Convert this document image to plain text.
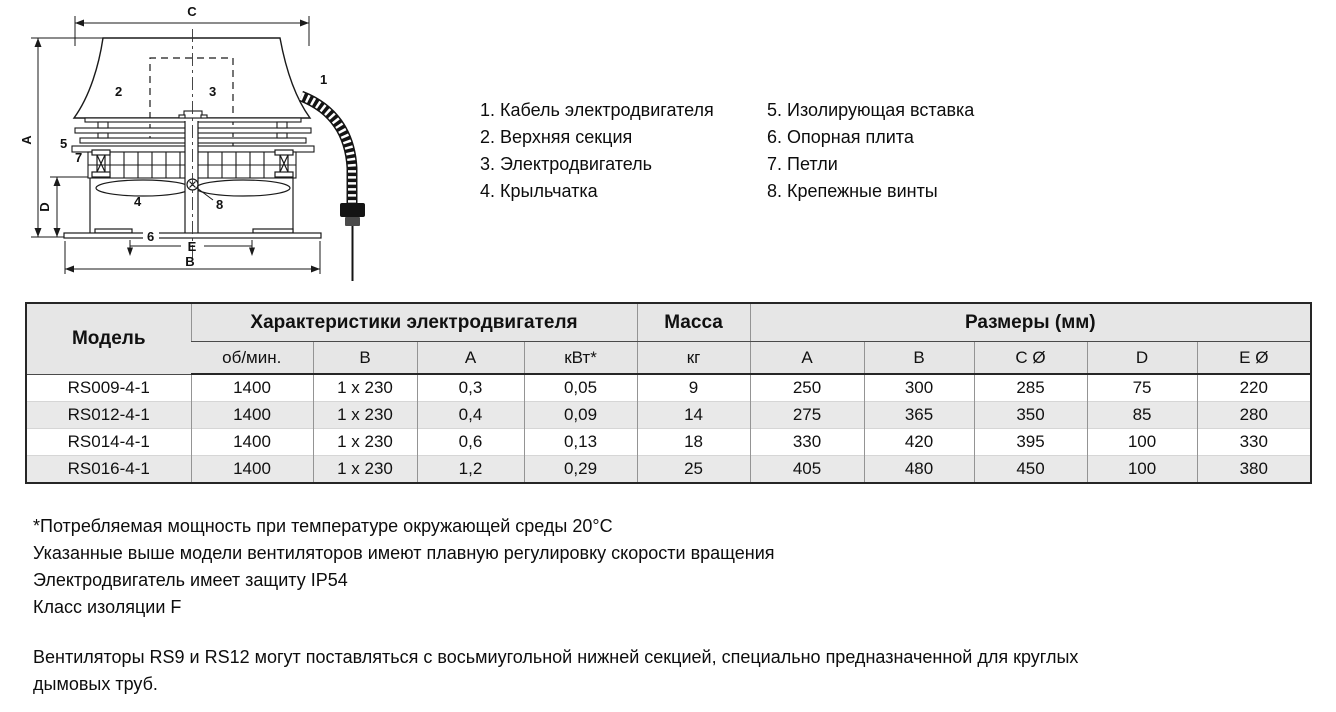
C
A
D
E
B
1
2	3
4
5
6
7
8
1. Кабель электродвигателя
2. Верхняя секция
3. Электродвигатель
4. Крыльчатка
5. Изолирующая вставка
6. Опорная плита
7. Петли
8. Крепежные винты
Модель	Характеристики электродвигателя				Масса	Размеры (мм)				
	об/мин.	В	А	кВт*	кг	A	B	C Ø	D	E Ø
RS009-4-1	1400	1 x 230	0,3	0,05	9	250	300	285	75	220
RS012-4-1	1400	1 x 230	0,4	0,09	14	275	365	350	85	280
RS014-4-1	1400	1 x 230	0,6	0,13	18	330	420	395	100	330
RS016-4-1	1400	1 x 230	1,2	0,29	25	405	480	450	100	380
*Потребляемая мощность при температуре окружающей среды 20°C
Указанные выше модели вентиляторов имеют плавную регулировку скорости вращения
Электродвигатель имеет защиту IP54
Класс изоляции F
Вентиляторы RS9 и RS12 могут поставляться с восьмиугольной нижней секцией, специально предназначенной для круглых дымовых труб.
